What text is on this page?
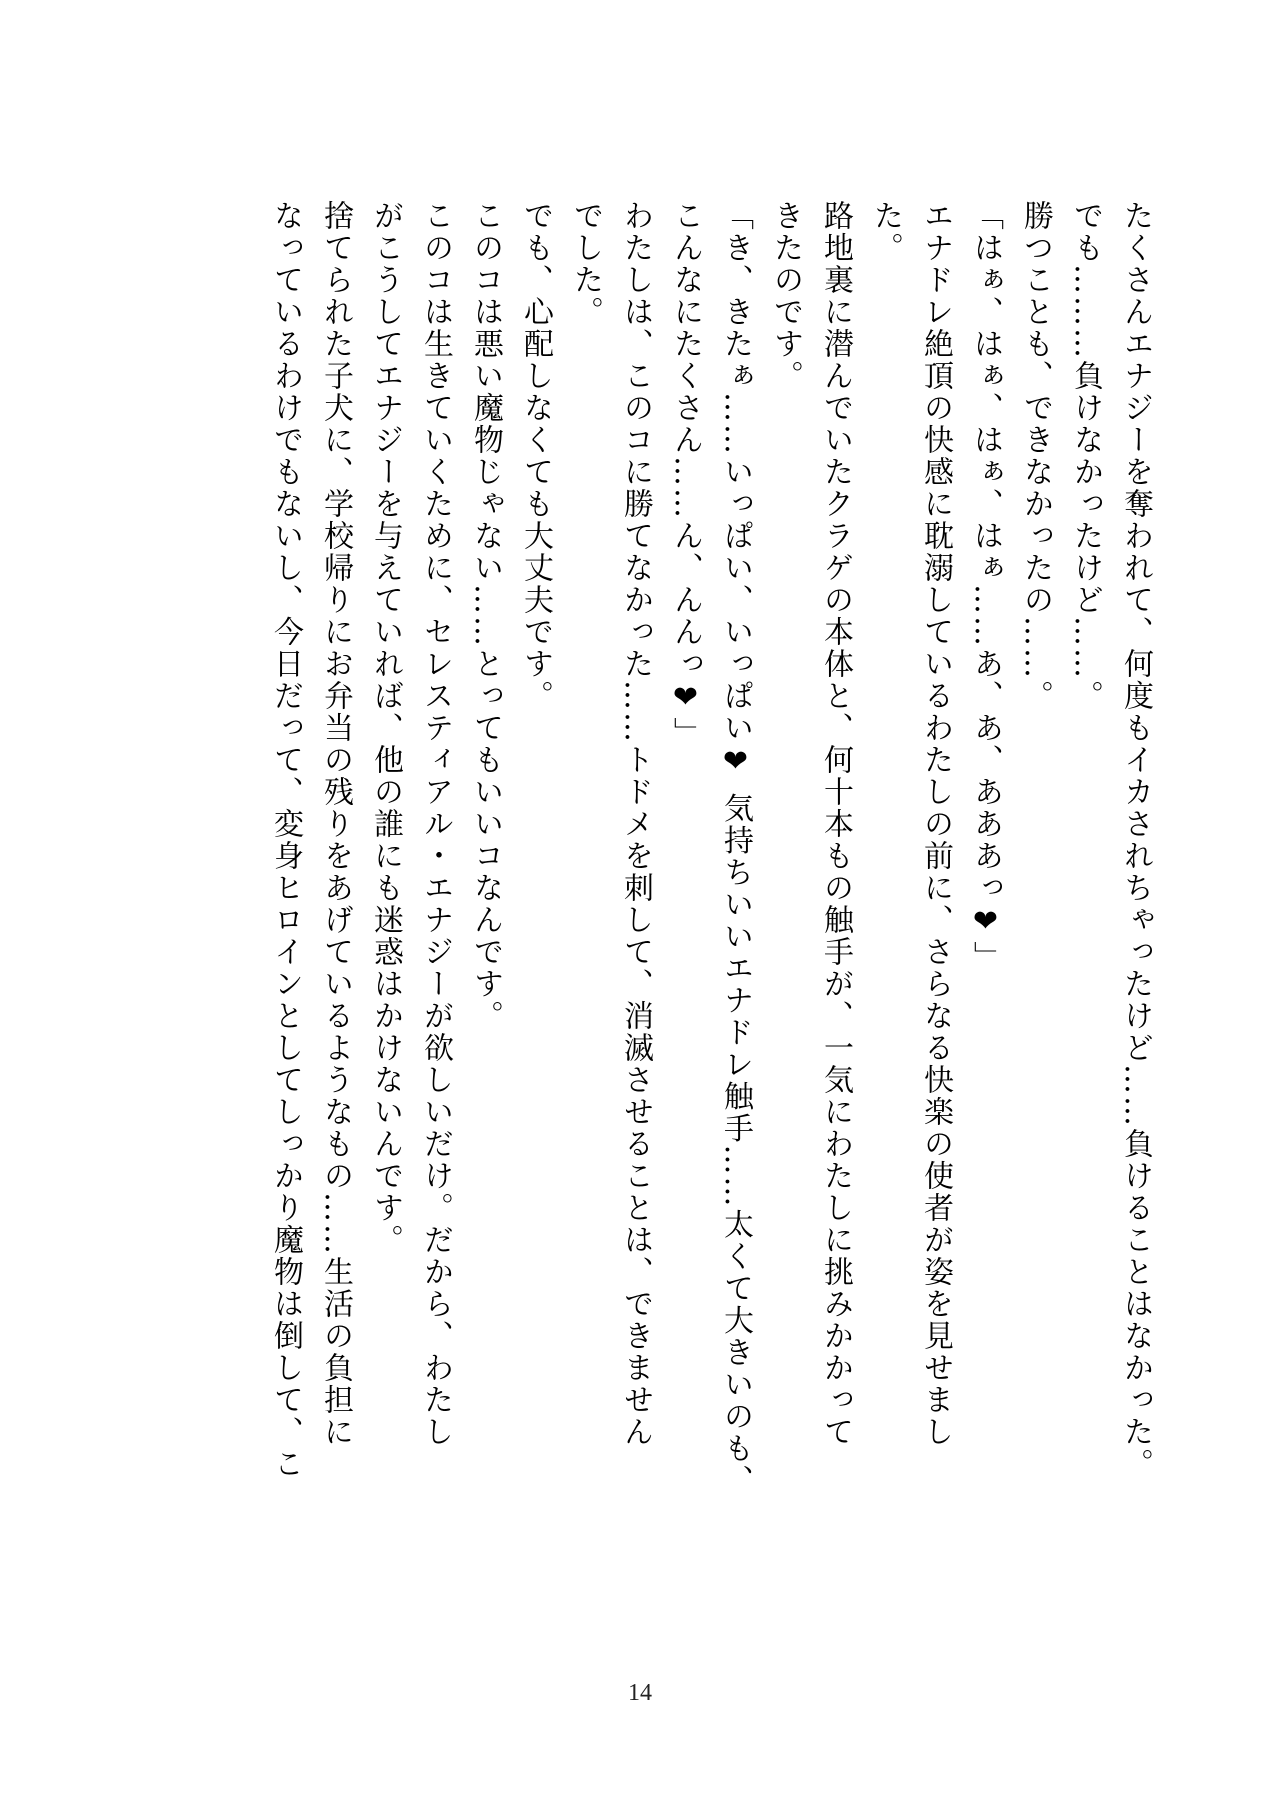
たくさんエナジーを奪われて、何度もイカされちゃったけど……負けることはなかった。
でも………負けなかったけど……。
勝つことも、できなかったの……。
「はぁ、はぁ、はぁ、はぁ……あ、あ、あああっ❤」
エナドレ絶頂の快感に耽溺しているわたしの前に、さらなる快楽の使者が姿を見せまし
た。
路地裏に潜んでいたクラゲの本体と、何十本もの触手が、一気にわたしに挑みかかって
きたのです。
「き、きたぁ……いっぱい、いっぱい❤ 気持ちいいエナドレ触手……太くて大きいのも、
こんなにたくさん……ん、んんっ❤」
わたしは、このコに勝てなかった……トドメを刺して、消滅させることは、できません
でした。
でも、心配しなくても大丈夫です。
このコは悪い魔物じゃない……とってもいいコなんです。
このコは生きていくために、セレスティアル・エナジーが欲しいだけ。だから、わたし
がこうしてエナジーを与えていれば、他の誰にも迷惑はかけないんです。
捨てられた子犬に、学校帰りにお弁当の残りをあげているようなもの……生活の負担に
なっているわけでもないし、今日だって、変身ヒロインとしてしっかり魔物は倒して、こ
14
